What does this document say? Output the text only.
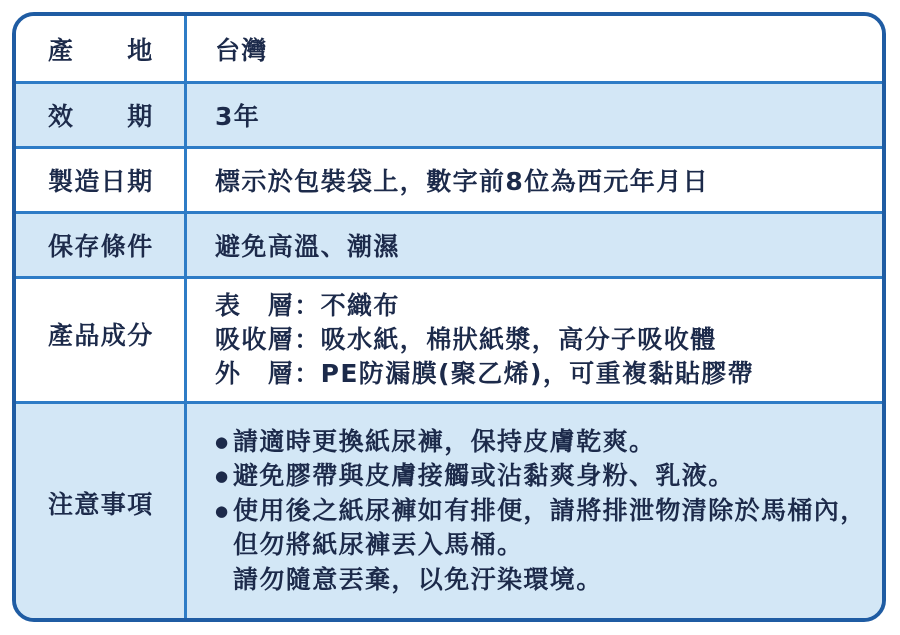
產　　地 台灣
效　　期 3年
製造日期 標示於包裝袋上，數字前8位為西元年月日
保存條件 避免高溫、潮濕
產品成分
表　層：不織布
吸收層：吸水紙，棉狀紙漿，高分子吸收體
外　層：PE防漏膜(聚乙烯)，可重複黏貼膠帶
注意事項
● 請適時更換紙尿褲，保持皮膚乾爽。
● 避免膠帶與皮膚接觸或沾黏爽身粉、乳液。
● 使用後之紙尿褲如有排便，請將排泄物清除於馬桶內，
但勿將紙尿褲丟入馬桶。
請勿隨意丟棄，以免汙染環境。
